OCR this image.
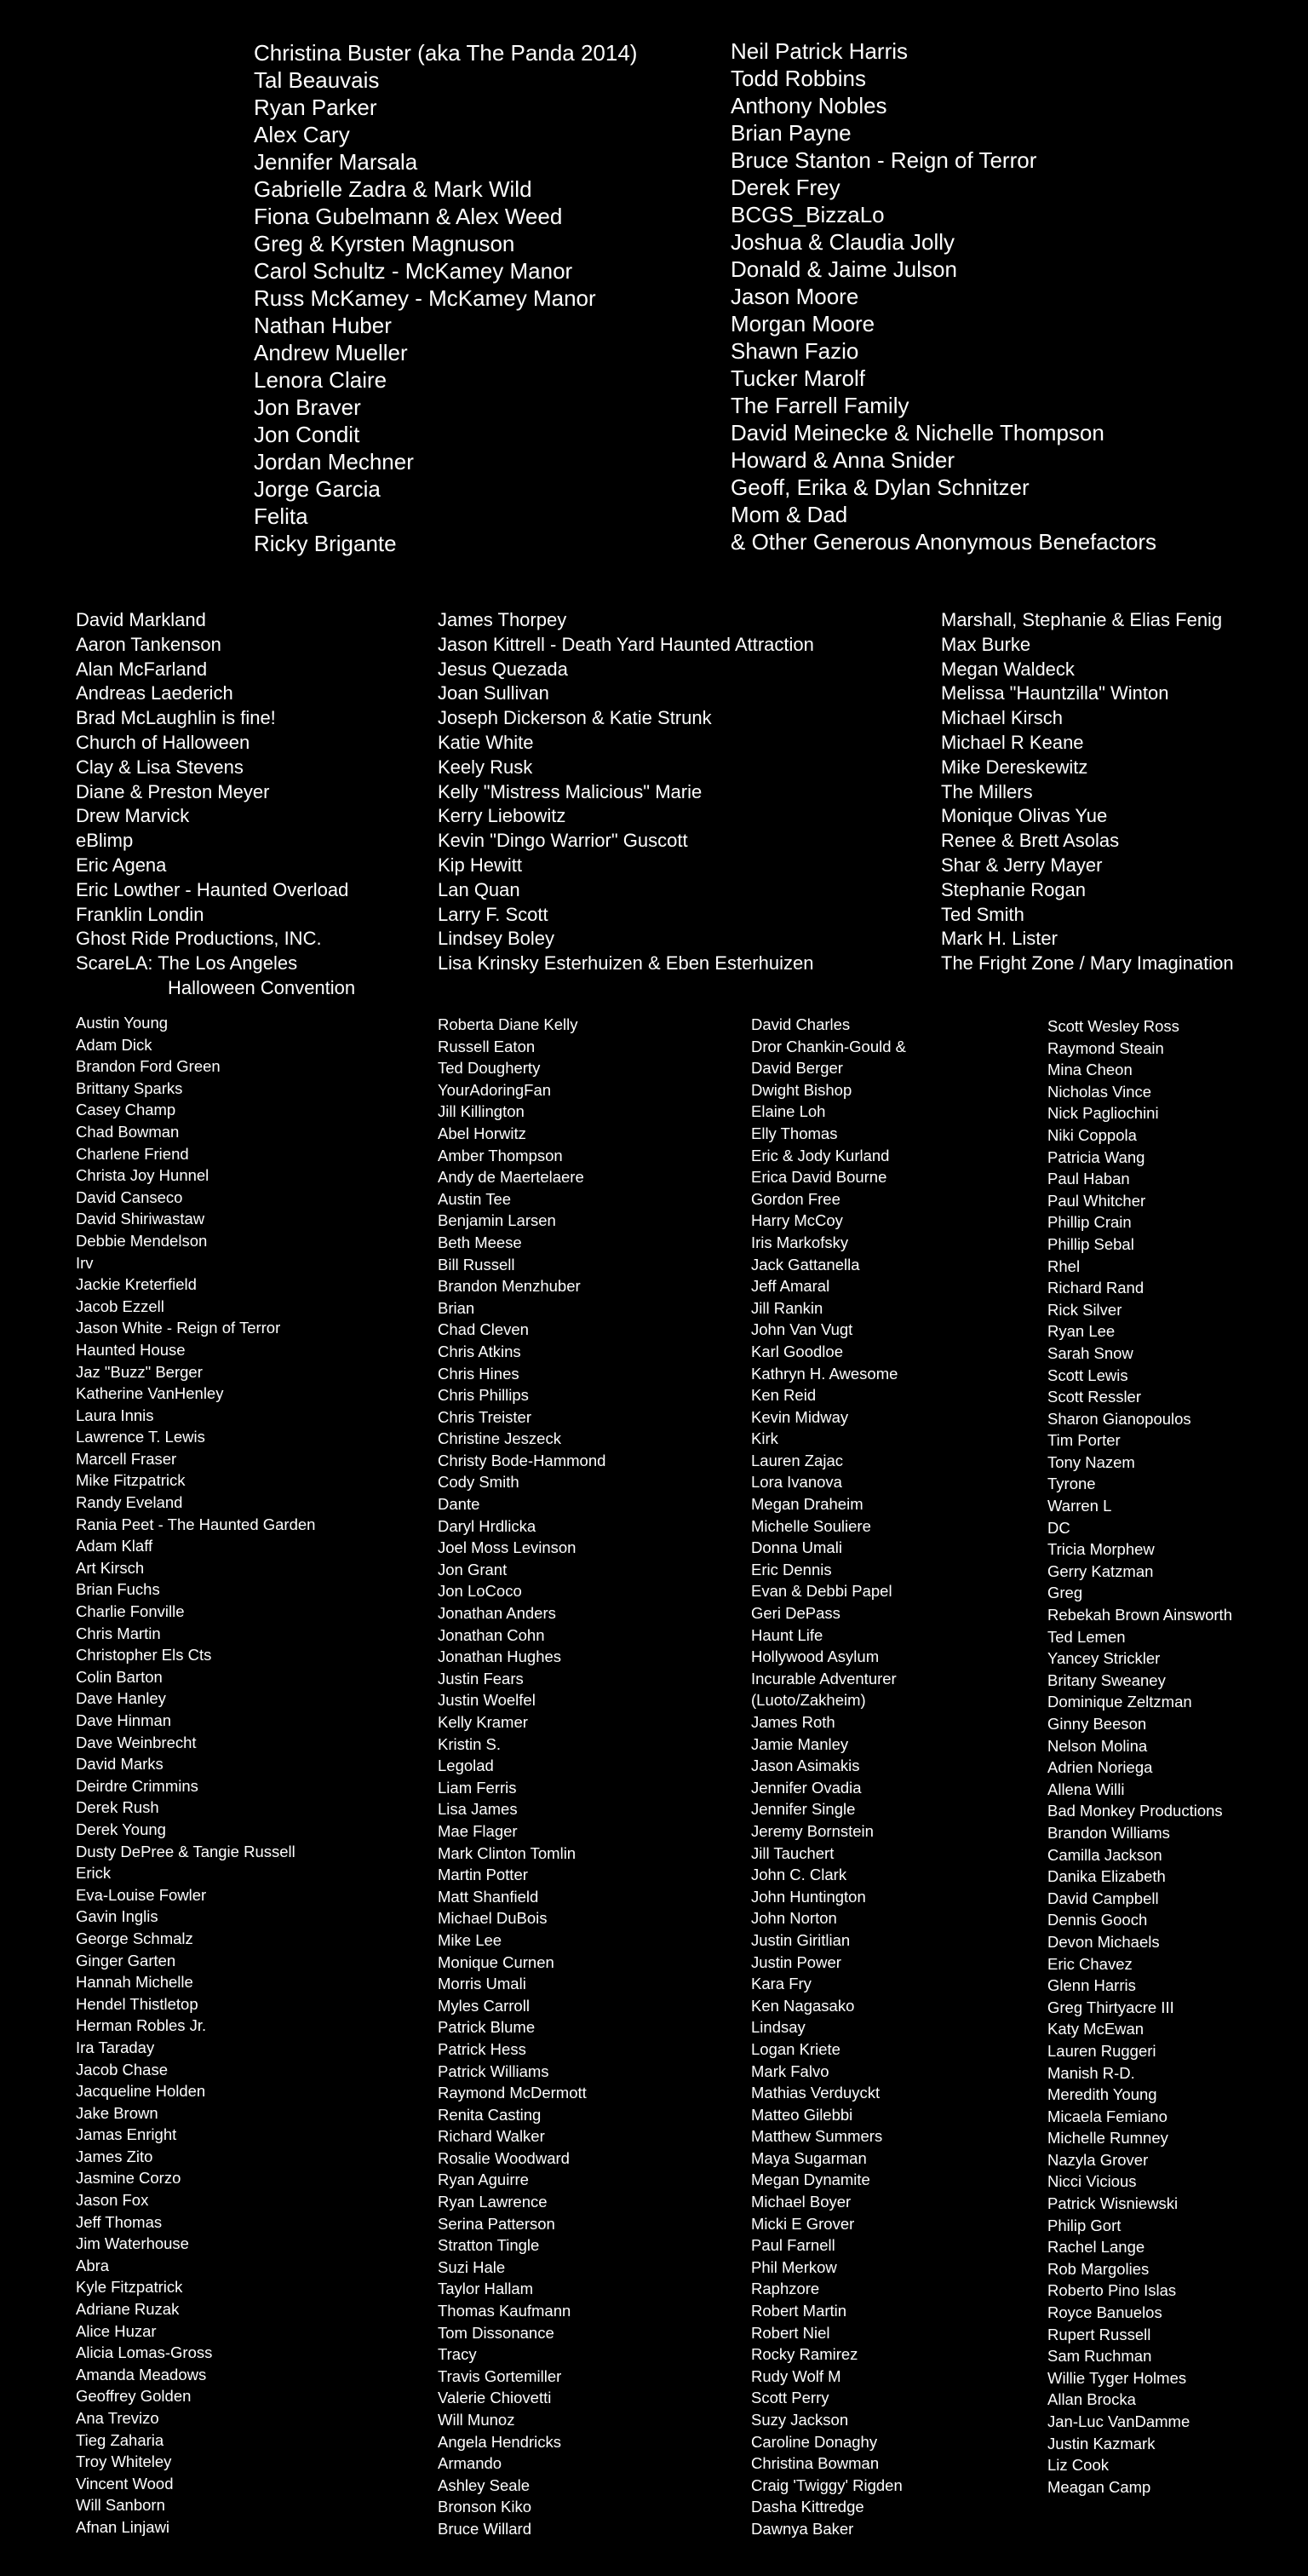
Christina Buster (aka The Panda 2014)
Tal Beauvais
Ryan Parker
Alex Cary
Jennifer Marsala
Gabrielle Zadra & Mark Wild
Fiona Gubelmann & Alex Weed
Greg & Kyrsten Magnuson
Carol Schultz - McKamey Manor
Russ McKamey - McKamey Manor
Nathan Huber
Andrew Mueller
Lenora Claire
Jon Braver
Jon Condit
Jordan Mechner
Jorge Garcia
Felita
Ricky Brigante
Neil Patrick Harris
Todd Robbins
Anthony Nobles
Brian Payne
Bruce Stanton - Reign of Terror
Derek Frey
BCGS_BizzaLo
Joshua & Claudia Jolly
Donald & Jaime Julson
Jason Moore
Morgan Moore
Shawn Fazio
Tucker Marolf
The Farrell Family
David Meinecke & Nichelle Thompson
Howard & Anna Snider
Geoff, Erika & Dylan Schnitzer
Mom & Dad
& Other Generous Anonymous Benefactors
David Markland
Aaron Tankenson
Alan McFarland
Andreas Laederich
Brad McLaughlin is fine!
Church of Halloween
Clay & Lisa Stevens
Diane & Preston Meyer
Drew Marvick
eBlimp
Eric Agena
Eric Lowther - Haunted Overload
Franklin Londin
Ghost Ride Productions, INC.
ScareLA: The Los Angeles
Halloween Convention
James Thorpey
Jason Kittrell - Death Yard Haunted Attraction
Jesus Quezada
Joan Sullivan
Joseph Dickerson & Katie Strunk
Katie White
Keely Rusk
Kelly "Mistress Malicious" Marie
Kerry Liebowitz
Kevin "Dingo Warrior" Guscott
Kip Hewitt
Lan Quan
Larry F. Scott
Lindsey Boley
Lisa Krinsky Esterhuizen & Eben Esterhuizen
Marshall, Stephanie & Elias Fenig
Max Burke
Megan Waldeck
Melissa "Hauntzilla" Winton
Michael Kirsch
Michael R Keane
Mike Dereskewitz
The Millers
Monique Olivas Yue
Renee & Brett Asolas
Shar & Jerry Mayer
Stephanie Rogan
Ted Smith
Mark H. Lister
The Fright Zone / Mary Imagination
Austin Young
Adam Dick
Brandon Ford Green
Brittany Sparks
Casey Champ
Chad Bowman
Charlene Friend
Christa Joy Hunnel
David Canseco
David Shiriwastaw
Debbie Mendelson
Irv
Jackie Kreterfield
Jacob Ezzell
Jason White - Reign of Terror
Haunted House
Jaz "Buzz" Berger
Katherine VanHenley
Laura Innis
Lawrence T. Lewis
Marcell Fraser
Mike Fitzpatrick
Randy Eveland
Rania Peet - The Haunted Garden
Adam Klaff
Art Kirsch
Brian Fuchs
Charlie Fonville
Chris Martin
Christopher Els Cts
Colin Barton
Dave Hanley
Dave Hinman
Dave Weinbrecht
David Marks
Deirdre Crimmins
Derek Rush
Derek Young
Dusty DePree & Tangie Russell
Erick
Eva-Louise Fowler
Gavin Inglis
George Schmalz
Ginger Garten
Hannah Michelle
Hendel Thistletop
Herman Robles Jr.
Ira Taraday
Jacob Chase
Jacqueline Holden
Jake Brown
Jamas Enright
James Zito
Jasmine Corzo
Jason Fox
Jeff Thomas
Jim Waterhouse
Abra
Kyle Fitzpatrick
Adriane Ruzak
Alice Huzar
Alicia Lomas-Gross
Amanda Meadows
Geoffrey Golden
Ana Trevizo
Tieg Zaharia
Troy Whiteley
Vincent Wood
Will Sanborn
Afnan Linjawi
Roberta Diane Kelly
Russell Eaton
Ted Dougherty
YourAdoringFan
Jill Killington
Abel Horwitz
Amber Thompson
Andy de Maertelaere
Austin Tee
Benjamin Larsen
Beth Meese
Bill Russell
Brandon Menzhuber
Brian
Chad Cleven
Chris Atkins
Chris Hines
Chris Phillips
Chris Treister
Christine Jeszeck
Christy Bode-Hammond
Cody Smith
Dante
Daryl Hrdlicka
Joel Moss Levinson
Jon Grant
Jon LoCoco
Jonathan Anders
Jonathan Cohn
Jonathan Hughes
Justin Fears
Justin Woelfel
Kelly Kramer
Kristin S.
Legolad
Liam Ferris
Lisa James
Mae Flager
Mark Clinton Tomlin
Martin Potter
Matt Shanfield
Michael DuBois
Mike Lee
Monique Curnen
Morris Umali
Myles Carroll
Patrick Blume
Patrick Hess
Patrick Williams
Raymond McDermott
Renita Casting
Richard Walker
Rosalie Woodward
Ryan Aguirre
Ryan Lawrence
Serina Patterson
Stratton Tingle
Suzi Hale
Taylor Hallam
Thomas Kaufmann
Tom Dissonance
Tracy
Travis Gortemiller
Valerie Chiovetti
Will Munoz
Angela Hendricks
Armando
Ashley Seale
Bronson Kiko
Bruce Willard
David Charles
Dror Chankin-Gould &
David Berger
Dwight Bishop
Elaine Loh
Elly Thomas
Eric & Jody Kurland
Erica David Bourne
Gordon Free
Harry McCoy
Iris Markofsky
Jack Gattanella
Jeff Amaral
Jill Rankin
John Van Vugt
Karl Goodloe
Kathryn H. Awesome
Ken Reid
Kevin Midway
Kirk
Lauren Zajac
Lora Ivanova
Megan Draheim
Michelle Souliere
Donna Umali
Eric Dennis
Evan & Debbi Papel
Geri DePass
Haunt Life
Hollywood Asylum
Incurable Adventurer
(Luoto/Zakheim)
James Roth
Jamie Manley
Jason Asimakis
Jennifer Ovadia
Jennifer Single
Jeremy Bornstein
Jill Tauchert
John C. Clark
John Huntington
John Norton
Justin Giritlian
Justin Power
Kara Fry
Ken Nagasako
Lindsay
Logan Kriete
Mark Falvo
Mathias Verduyckt
Matteo Gilebbi
Matthew Summers
Maya Sugarman
Megan Dynamite
Michael Boyer
Micki E Grover
Paul Farnell
Phil Merkow
Raphzore
Robert Martin
Robert Niel
Rocky Ramirez
Rudy Wolf M
Scott Perry
Suzy Jackson
Caroline Donaghy
Christina Bowman
Craig 'Twiggy' Rigden
Dasha Kittredge
Dawnya Baker
Scott Wesley Ross
Raymond Steain
Mina Cheon
Nicholas Vince
Nick Pagliochini
Niki Coppola
Patricia Wang
Paul Haban
Paul Whitcher
Phillip Crain
Phillip Sebal
Rhel
Richard Rand
Rick Silver
Ryan Lee
Sarah Snow
Scott Lewis
Scott Ressler
Sharon Gianopoulos
Tim Porter
Tony Nazem
Tyrone
Warren L
DC
Tricia Morphew
Gerry Katzman
Greg
Rebekah Brown Ainsworth
Ted Lemen
Yancey Strickler
Britany Sweaney
Dominique Zeltzman
Ginny Beeson
Nelson Molina
Adrien Noriega
Allena Willi
Bad Monkey Productions
Brandon Williams
Camilla Jackson
Danika Elizabeth
David Campbell
Dennis Gooch
Devon Michaels
Eric Chavez
Glenn Harris
Greg Thirtyacre III
Katy McEwan
Lauren Ruggeri
Manish R-D.
Meredith Young
Micaela Femiano
Michelle Rumney
Nazyla Grover
Nicci Vicious
Patrick Wisniewski
Philip Gort
Rachel Lange
Rob Margolies
Roberto Pino Islas
Royce Banuelos
Rupert Russell
Sam Ruchman
Willie Tyger Holmes
Allan Brocka
Jan-Luc VanDamme
Justin Kazmark
Liz Cook
Meagan Camp
